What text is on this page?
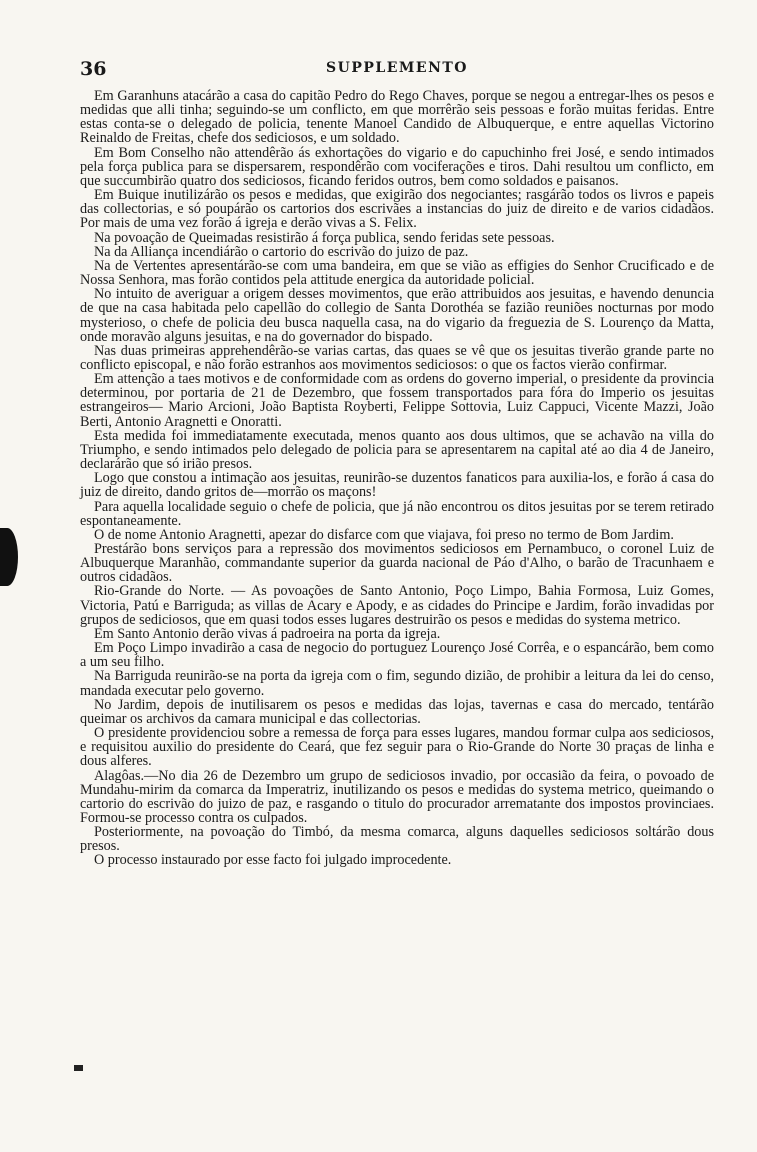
36	SUPPLEMENTO

Em Garanhuns atacárão a casa do capitão Pedro do Rego Chaves, porque se negou a entregar-lhes os pesos e medidas que alli tinha; seguindo-se um conflicto, em que morrêrão seis pessoas e forão muitas feridas. Entre estas conta-se o delegado de policia, tenente Manoel Candido de Albuquerque, e entre aquellas Victorino Reinaldo de Freitas, chefe dos sediciosos, e um soldado.

Em Bom Conselho não attendêrão ás exhortações do vigario e do capuchinho frei José, e sendo intimados pela força publica para se dispersarem, respondêrão com vociferações e tiros. Dahi resultou um conflicto, em que succumbirão quatro dos sediciosos, ficando feridos outros, bem como soldados e paisanos.

Em Buique inutilizárão os pesos e medidas, que exigirão dos negociantes; rasgárão todos os livros e papeis das collectorias, e só poupárão os cartorios dos escrivães a instancias do juiz de direito e de varios cidadãos. Por mais de uma vez forão á igreja e derão vivas a S. Felix.

Na povoação de Queimadas resistirão á força publica, sendo feridas sete pessoas.

Na da Alliança incendiárão o cartorio do escrivão do juizo de paz.

Na de Vertentes apresentárão-se com uma bandeira, em que se vião as effigies do Senhor Crucificado e de Nossa Senhora, mas forão contidos pela attitude energica da autoridade policial.

No intuito de averiguar a origem desses movimentos, que erão attribuidos aos jesuitas, e havendo denuncia de que na casa habitada pelo capellão do collegio de Santa Dorothéa se fazião reuniões nocturnas por modo mysterioso, o chefe de policia deu busca naquella casa, na do vigario da freguezia de S. Lourenço da Matta, onde moravão alguns jesuitas, e na do governador do bispado.

Nas duas primeiras apprehendêrão-se varias cartas, das quaes se vê que os jesuitas tiverão grande parte no conflicto episcopal, e não forão estranhos aos movimentos sediciosos: o que os factos vierão confirmar.

Em attenção a taes motivos e de conformidade com as ordens do governo imperial, o presidente da provincia determinou, por portaria de 21 de Dezembro, que fossem transportados para fóra do Imperio os jesuitas estrangeiros— Mario Arcioni, João Baptista Royberti, Felippe Sottovia, Luiz Cappuci, Vicente Mazzi, João Berti, Antonio Aragnetti e Onoratti.

Esta medida foi immediatamente executada, menos quanto aos dous ultimos, que se achavão na villa do Triumpho, e sendo intimados pelo delegado de policia para se apresentarem na capital até ao dia 4 de Janeiro, declarárão que só irião presos.

Logo que constou a intimação aos jesuitas, reunirão-se duzentos fanaticos para auxilia-los, e forão á casa do juiz de direito, dando gritos de—morrão os maçons!

Para aquella localidade seguio o chefe de policia, que já não encontrou os ditos jesuitas por se terem retirado espontaneamente.

O de nome Antonio Aragnetti, apezar do disfarce com que viajava, foi preso no termo de Bom Jardim.

Prestárão bons serviços para a repressão dos movimentos sediciosos em Pernambuco, o coronel Luiz de Albuquerque Maranhão, commandante superior da guarda nacional de Páo d'Alho, o barão de Tracunhaem e outros cidadãos.

Rio-Grande do Norte. — As povoações de Santo Antonio, Poço Limpo, Bahia Formosa, Luiz Gomes, Victoria, Patú e Barriguda; as villas de Acary e Apody, e as cidades do Principe e Jardim, forão invadidas por grupos de sediciosos, que em quasi todos esses lugares destruirão os pesos e medidas do systema metrico.

Em Santo Antonio derão vivas á padroeira na porta da igreja.

Em Poço Limpo invadirão a casa de negocio do portuguez Lourenço José Corrêa, e o espancárão, bem como a um seu filho.

Na Barriguda reunirão-se na porta da igreja com o fim, segundo dizião, de prohibir a leitura da lei do censo, mandada executar pelo governo.

No Jardim, depois de inutilisarem os pesos e medidas das lojas, tavernas e casa do mercado, tentárão queimar os archivos da camara municipal e das collectorias.

O presidente providenciou sobre a remessa de força para esses lugares, mandou formar culpa aos sediciosos, e requisitou auxilio do presidente do Ceará, que fez seguir para o Rio-Grande do Norte 30 praças de linha e dous alferes.

Alagôas.—No dia 26 de Dezembro um grupo de sediciosos invadio, por occasião da feira, o povoado de Mundahu-mirim da comarca da Imperatriz, inutilizando os pesos e medidas do systema metrico, queimando o cartorio do escrivão do juizo de paz, e rasgando o titulo do procurador arrematante dos impostos provinciaes. Formou-se processo contra os culpados.

Posteriormente, na povoação do Timbó, da mesma comarca, alguns daquelles sediciosos soltárão dous presos.

O processo instaurado por esse facto foi julgado improcedente.
